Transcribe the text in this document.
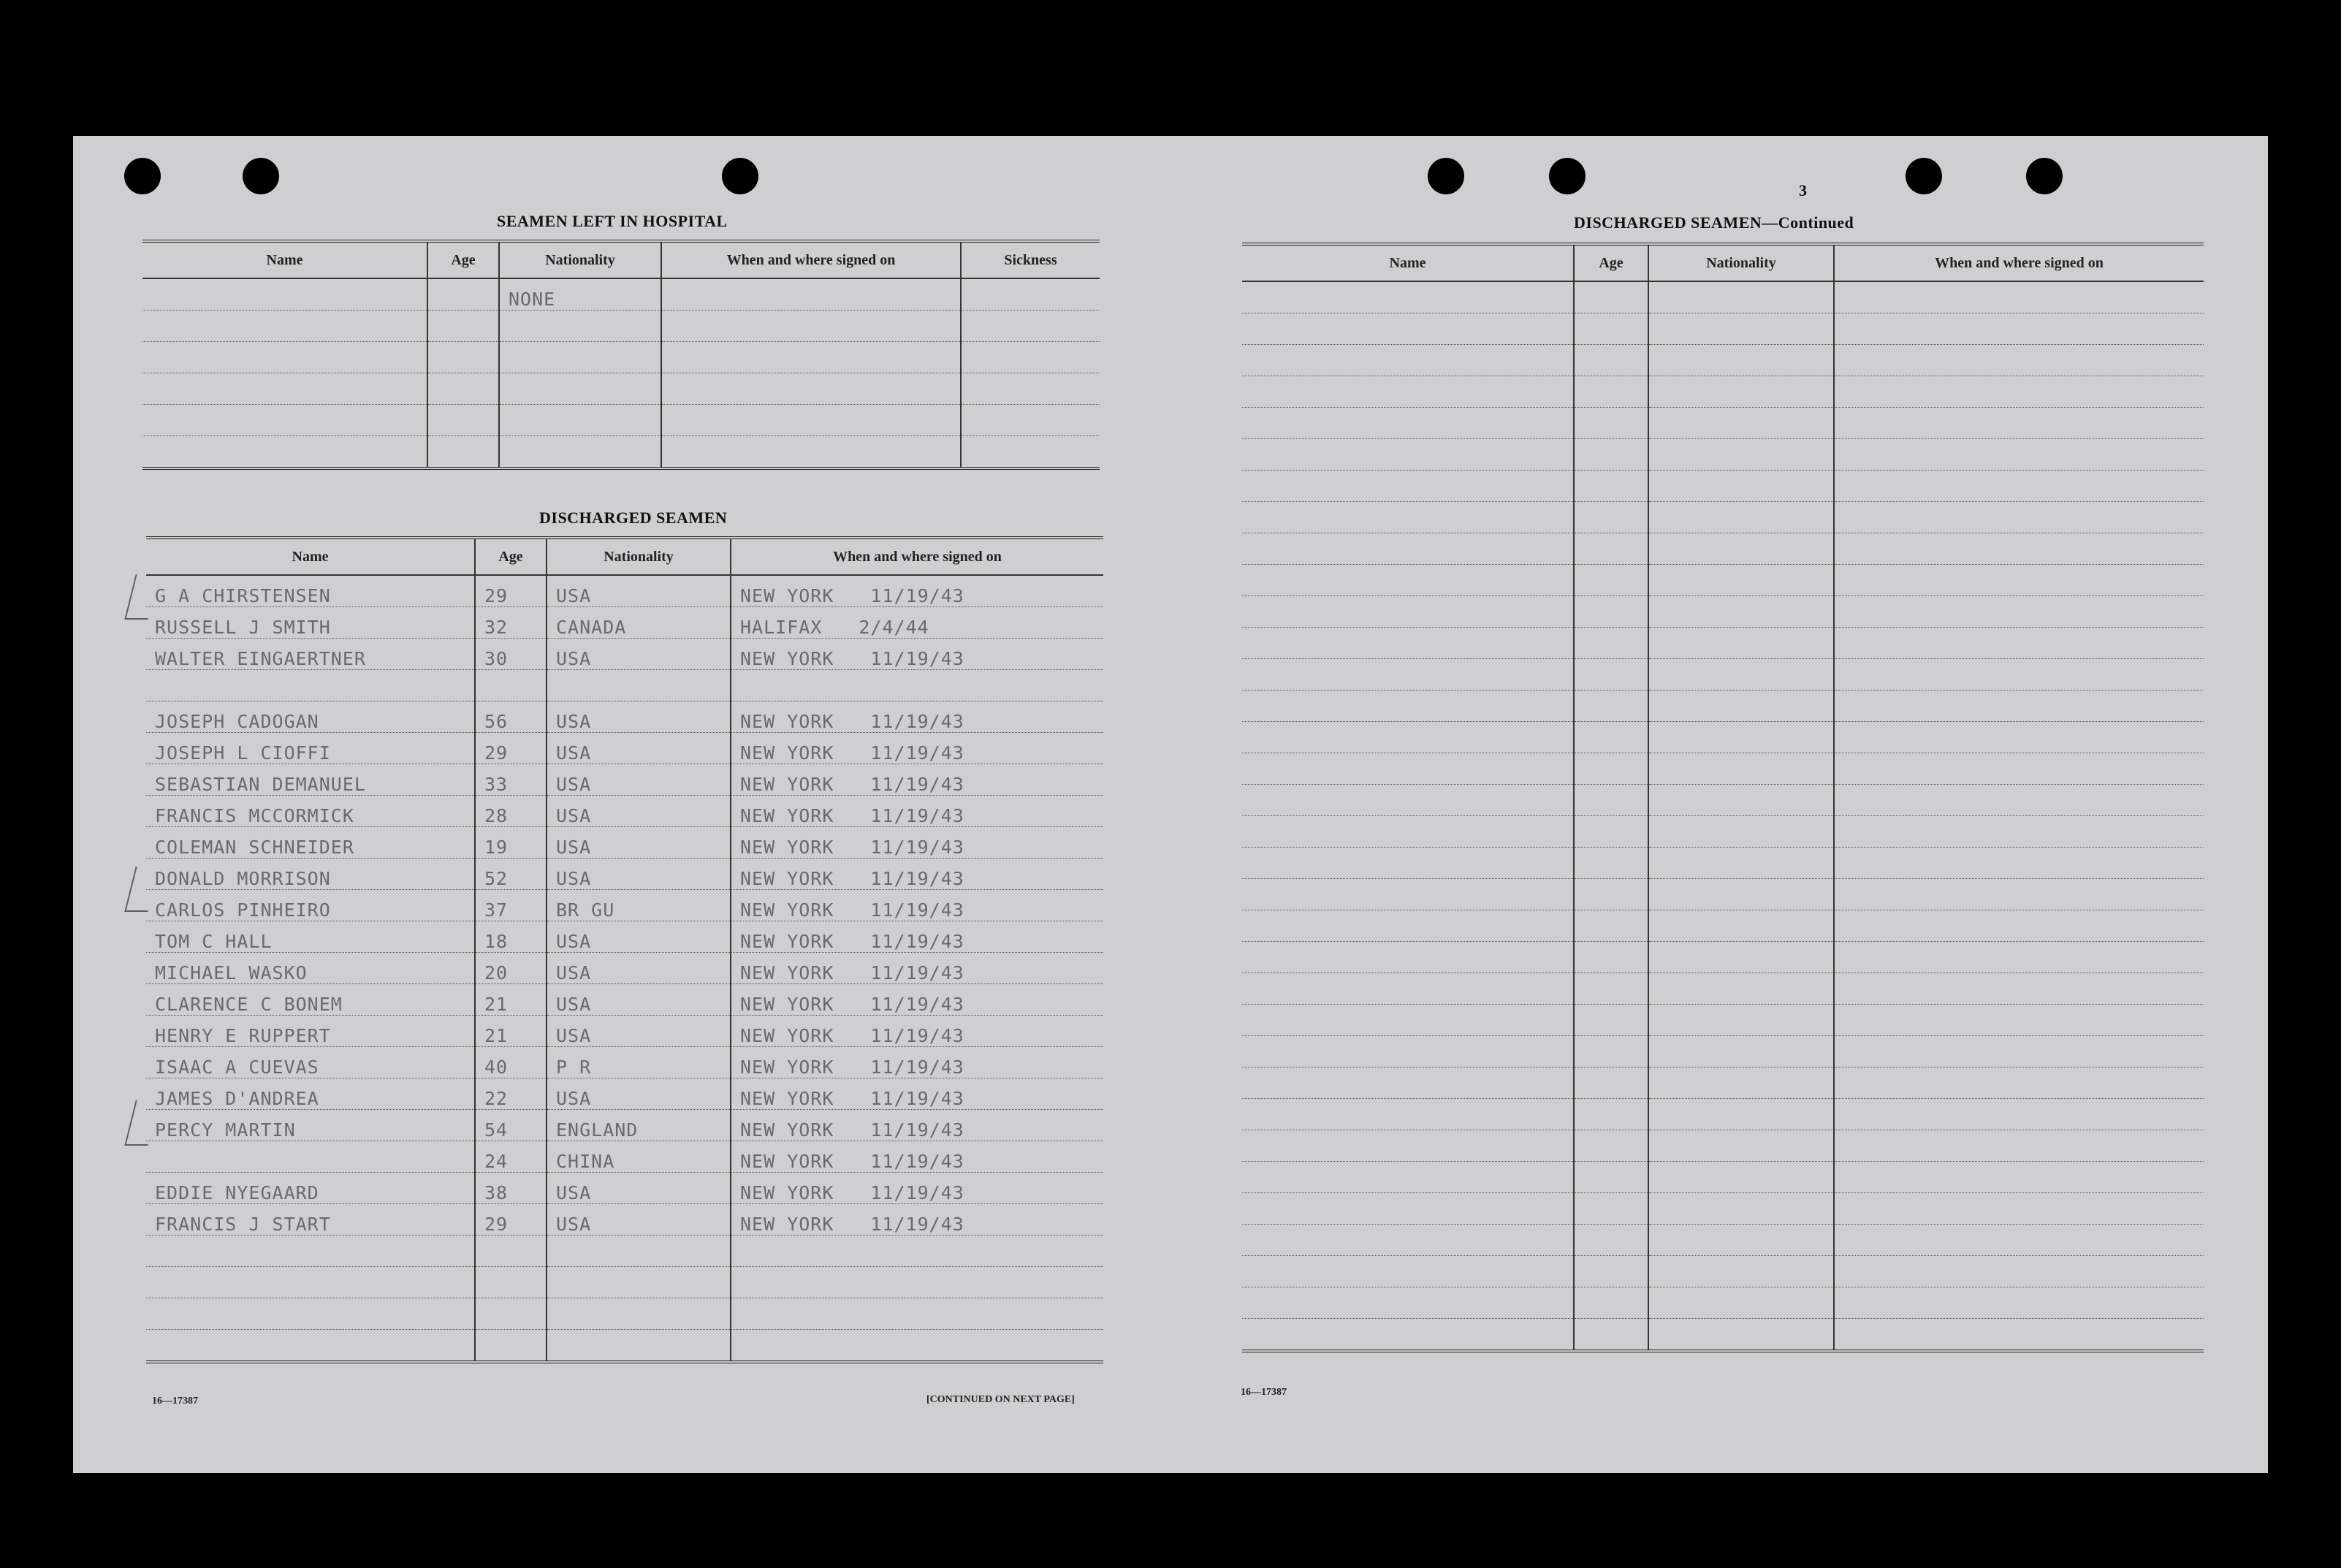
SEAMEN LEFT IN HOSPITAL
Name	Age	Nationality	When and where signed on	Sickness
		NONE		

DISCHARGED SEAMEN
Name	Age	Nationality	When and where signed on
G A CHIRSTENSEN	29	USA	NEW YORK 11/19/43
RUSSELL J SMITH	32	CANADA	HALIFAX 2/4/44
WALTER EINGAERTNER	30	USA	NEW YORK 11/19/43

JOSEPH CADOGAN	56	USA	NEW YORK 11/19/43
JOSEPH L CIOFFI	29	USA	NEW YORK 11/19/43
SEBASTIAN DEMANUEL	33	USA	NEW YORK 11/19/43
FRANCIS MCCORMICK	28	USA	NEW YORK 11/19/43
COLEMAN SCHNEIDER	19	USA	NEW YORK 11/19/43
DONALD MORRISON	52	USA	NEW YORK 11/19/43
CARLOS PINHEIRO	37	BR GU	NEW YORK 11/19/43
TOM C HALL	18	USA	NEW YORK 11/19/43
MICHAEL WASKO	20	USA	NEW YORK 11/19/43
CLARENCE C BONEM	21	USA	NEW YORK 11/19/43
HENRY E RUPPERT	21	USA	NEW YORK 11/19/43
ISAAC A CUEVAS	40	P R	NEW YORK 11/19/43
JAMES D'ANDREA	22	USA	NEW YORK 11/19/43
PERCY MARTIN	54	ENGLAND	NEW YORK 11/19/43
	24	CHINA	NEW YORK 11/19/43
EDDIE NYEGAARD	38	USA	NEW YORK 11/19/43
FRANCIS J START	29	USA	NEW YORK 11/19/43

16—17387	[CONTINUED ON NEXT PAGE]
3
DISCHARGED SEAMEN—Continued
Name	Age	Nationality	When and where signed on

16—17387
